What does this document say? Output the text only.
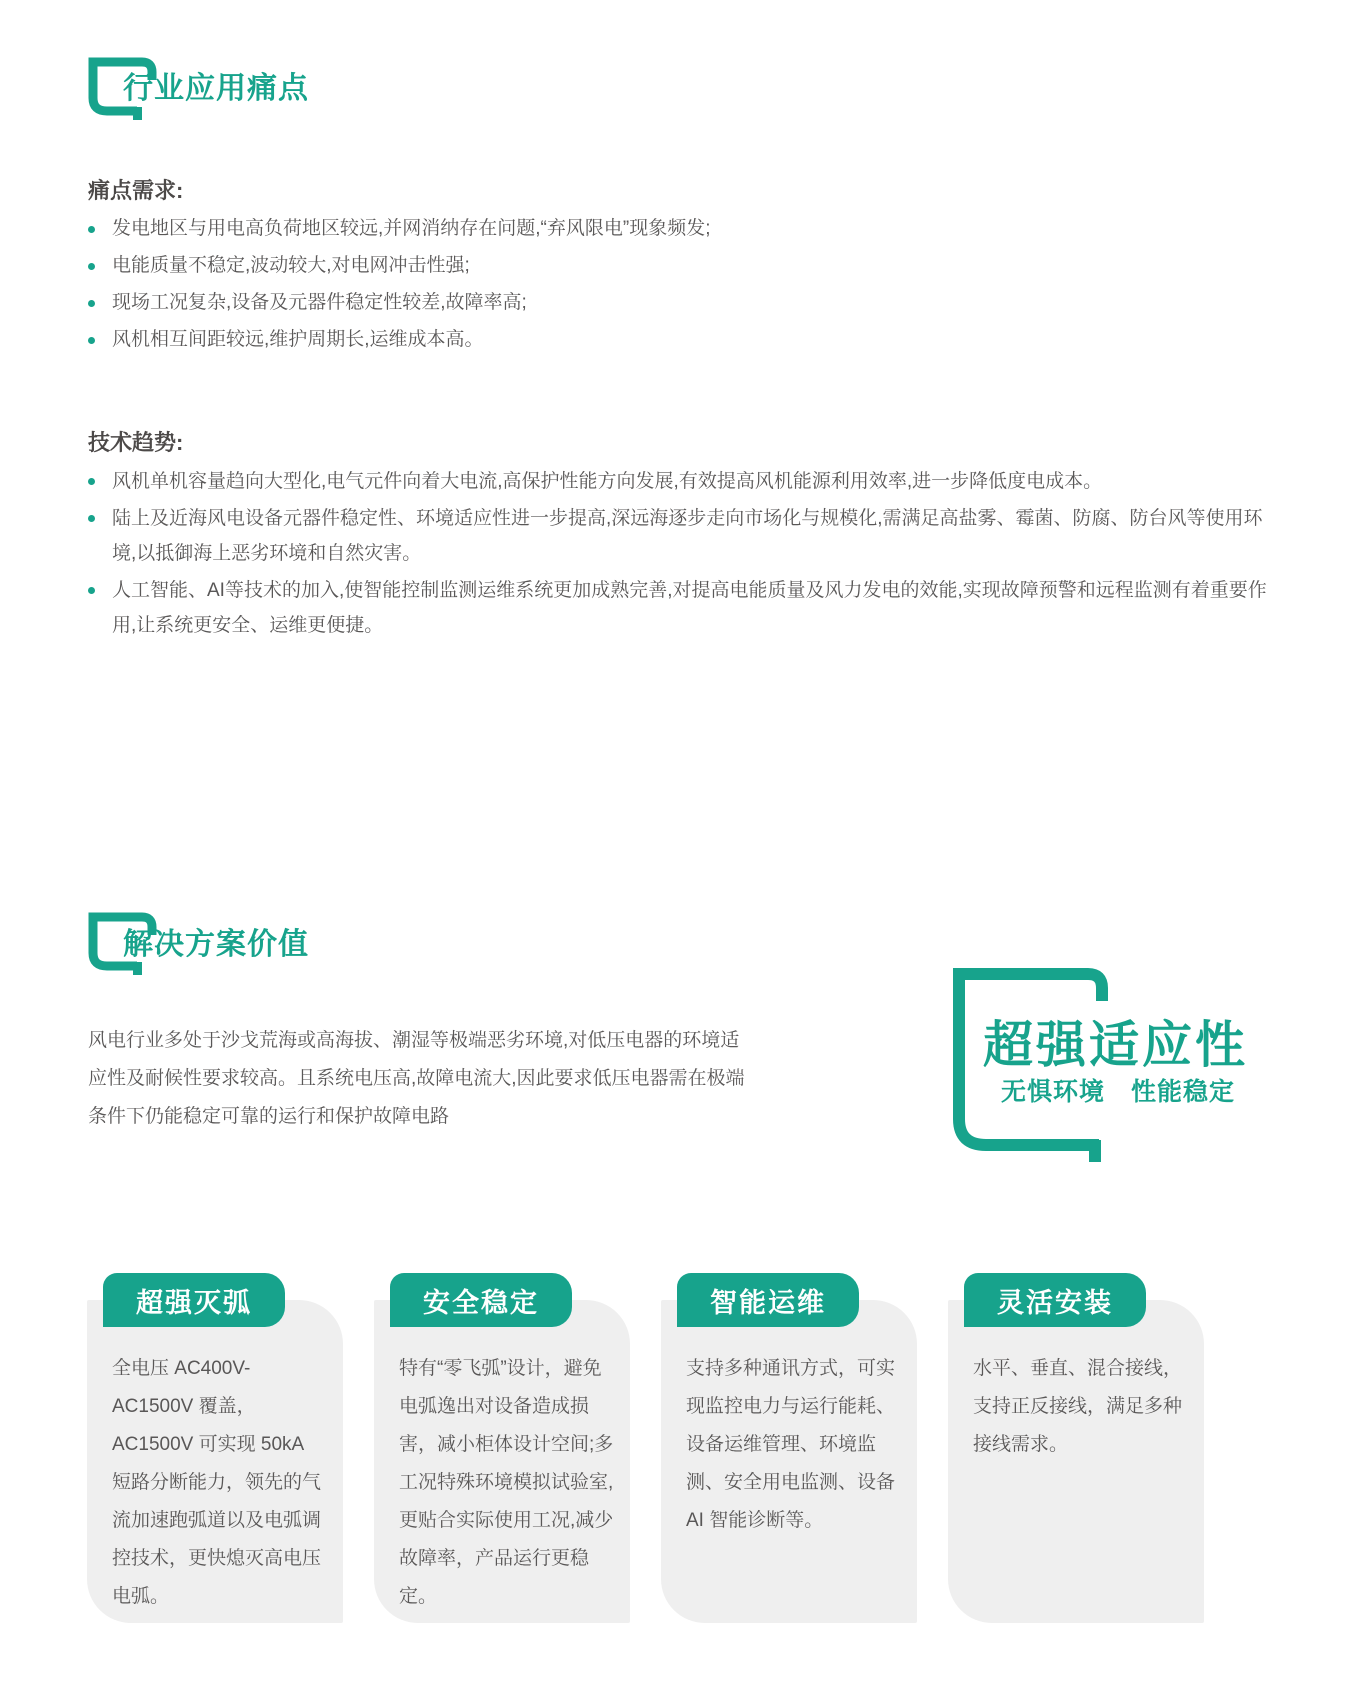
行业应用痛点
痛点需求:
发电地区与用电高负荷地区较远,并网消纳存在问题,“弃风限电”现象频发;
电能质量不稳定,波动较大,对电网冲击性强;
现场工况复杂,设备及元器件稳定性较差,故障率高;
风机相互间距较远,维护周期长,运维成本高。
技术趋势:
风机单机容量趋向大型化,电气元件向着大电流,高保护性能方向发展,有效提高风机能源利用效率,进一步降低度电成本。
陆上及近海风电设备元器件稳定性、环境适应性进一步提高,深远海逐步走向市场化与规模化,需满足高盐雾、霉菌、防腐、防台风等使用环境,以抵御海上恶劣环境和自然灾害。
人工智能、AI等技术的加入,使智能控制监测运维系统更加成熟完善,对提高电能质量及风力发电的效能,实现故障预警和远程监测有着重要作用,让系统更安全、运维更便捷。
解决方案价值
风电行业多处于沙戈荒海或高海拔、潮湿等极端恶劣环境,对低压电器的环境适应性及耐候性要求较高。且系统电压高,故障电流大,因此要求低压电器需在极端条件下仍能稳定可靠的运行和保护故障电路
超强适应性
无惧环境　性能稳定
超强灭弧
全电压 AC400V-AC1500V 覆盖，AC1500V 可实现 50kA 短路分断能力，领先的气流加速跑弧道以及电弧调控技术，更快熄灭高电压电弧。
安全稳定
特有“零飞弧”设计，避免电弧逸出对设备造成损害，减小柜体设计空间;多工况特殊环境模拟试验室,更贴合实际使用工况,减少故障率，产品运行更稳定。
智能运维
支持多种通讯方式，可实现监控电力与运行能耗、设备运维管理、环境监测、安全用电监测、设备 AI 智能诊断等。
灵活安装
水平、垂直、混合接线，支持正反接线，满足多种接线需求。
